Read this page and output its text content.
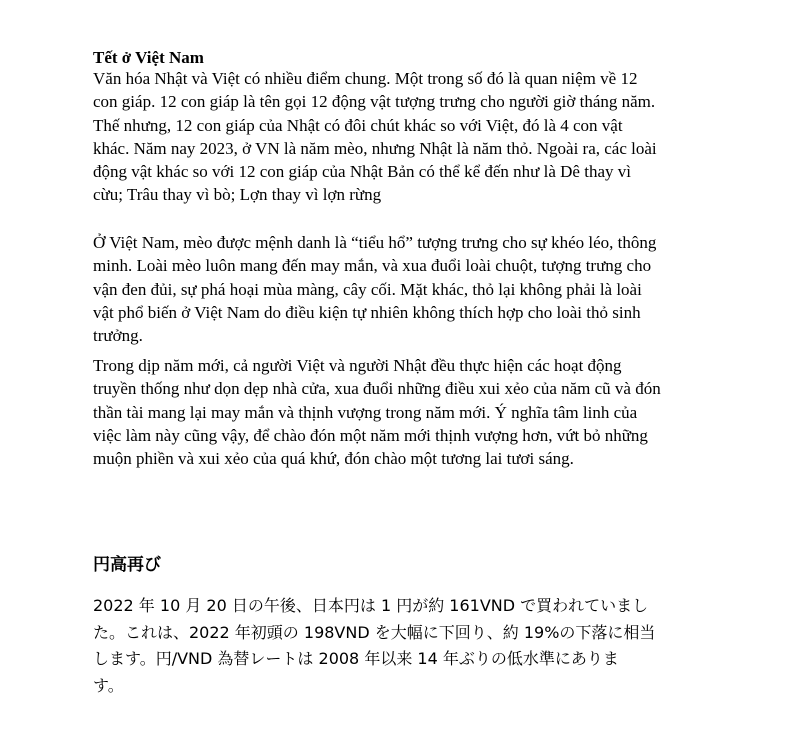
Tết ở Việt Nam

Văn hóa Nhật và Việt có nhiều điểm chung. Một trong số đó là quan niệm về 12
con giáp. 12 con giáp là tên gọi 12 động vật tượng trưng cho người giờ tháng năm.
Thế nhưng, 12 con giáp của Nhật có đôi chút khác so với Việt, đó là 4 con vật
khác. Năm nay 2023, ở VN là năm mèo, nhưng Nhật là năm thỏ. Ngoài ra, các loài
động vật khác so với 12 con giáp của Nhật Bản có thể kể đến như là Dê thay vì
cừu; Trâu thay vì bò; Lợn thay vì lợn rừng

Ở Việt Nam, mèo được mệnh danh là “tiểu hổ” tượng trưng cho sự khéo léo, thông
minh. Loài mèo luôn mang đến may mắn, và xua đuổi loài chuột, tượng trưng cho
vận đen đủi, sự phá hoại mùa màng, cây cối. Mặt khác, thỏ lại không phải là loài
vật phổ biến ở Việt Nam do điều kiện tự nhiên không thích hợp cho loài thỏ sinh
trưởng.

Trong dịp năm mới, cả người Việt và người Nhật đều thực hiện các hoạt động
truyền thống như dọn dẹp nhà cửa, xua đuổi những điều xui xẻo của năm cũ và đón
thần tài mang lại may mắn và thịnh vượng trong năm mới. Ý nghĩa tâm linh của
việc làm này cũng vậy, để chào đón một năm mới thịnh vượng hơn, vứt bỏ những
muộn phiền và xui xẻo của quá khứ, đón chào một tương lai tươi sáng.

円高再び

2022 年 10 月 20 日の午後、日本円は 1 円が約 161VND で買われていまし
た。これは、2022 年初頭の 198VND を大幅に下回り、約 19%の下落に相当
します。円/VND 為替レートは 2008 年以来 14 年ぶりの低水準にありま
す。
